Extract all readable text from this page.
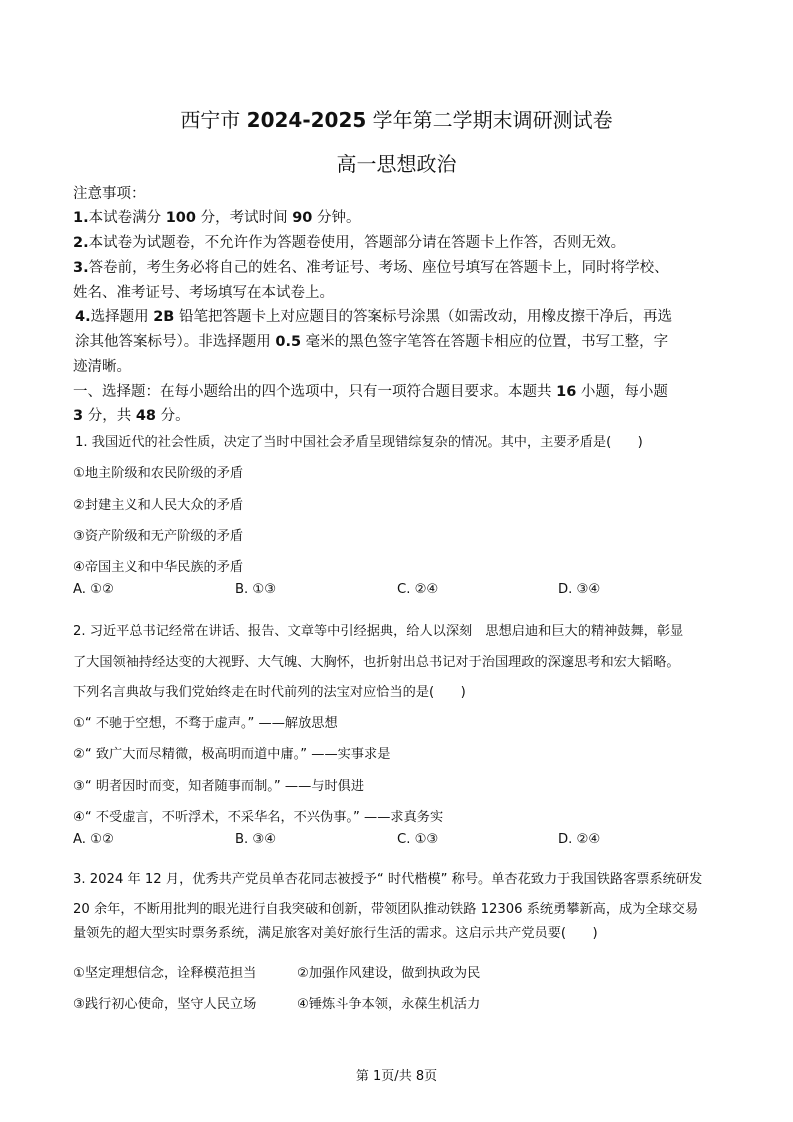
西宁市 2024-2025 学年第二学期末调研测试卷
高一思想政治
注意事项：
1.本试卷满分 100 分，考试时间 90 分钟。
2.本试卷为试题卷，不允许作为答题卷使用，答题部分请在答题卡上作答，否则无效。
3.答卷前，考生务必将自己的姓名、准考证号、考场、座位号填写在答题卡上，同时将学校、
姓名、准考证号、考场填写在本试卷上。
4.选择题用 2B 铅笔把答题卡上对应题目的答案标号涂黑（如需改动，用橡皮擦干净后，再选
涂其他答案标号）。非选择题用 0.5 毫米的黑色签字笔答在答题卡相应的位置，书写工整，字
迹清晰。
一、选择题：在每小题给出的四个选项中，只有一项符合题目要求。本题共 16 小题，每小题
3 分，共 48 分。
1. 我国近代的社会性质，决定了当时中国社会矛盾呈现错综复杂的情况。其中，主要矛盾是(　　)
①地主阶级和农民阶级的矛盾
②封建主义和人民大众的矛盾
③资产阶级和无产阶级的矛盾
④帝国主义和中华民族的矛盾
A. ①②	B. ①③	C. ②④	D. ③④
2. 习近平总书记经常在讲话、报告、文章等中引经据典，给人以深刻　思想启迪和巨大的精神鼓舞，彰显
了大国领袖持经达变的大视野、大气魄、大胸怀，也折射出总书记对于治国理政的深邃思考和宏大韬略。
下列名言典故与我们党始终走在时代前列的法宝对应恰当的是(　　)
①“ 不驰于空想，不骛于虚声。” ——解放思想
②“ 致广大而尽精微，极高明而道中庸。” ——实事求是
③“ 明者因时而变，知者随事而制。” ——与时俱进
④“ 不受虚言，不听浮术，不采华名，不兴伪事。” ——求真务实
A. ①②	B. ③④	C. ①③	D. ②④
3. 2024 年 12 月，优秀共产党员单杏花同志被授予“ 时代楷模” 称号。单杏花致力于我国铁路客票系统研发
20 余年，不断用批判的眼光进行自我突破和创新，带领团队推动铁路 12306 系统勇攀新高，成为全球交易
量领先的超大型实时票务系统，满足旅客对美好旅行生活的需求。这启示共产党员要(　　)
①坚定理想信念，诠释模范担当	②加强作风建设，做到执政为民
③践行初心使命，坚守人民立场	④锤炼斗争本领，永葆生机活力
第 1页/共 8页
